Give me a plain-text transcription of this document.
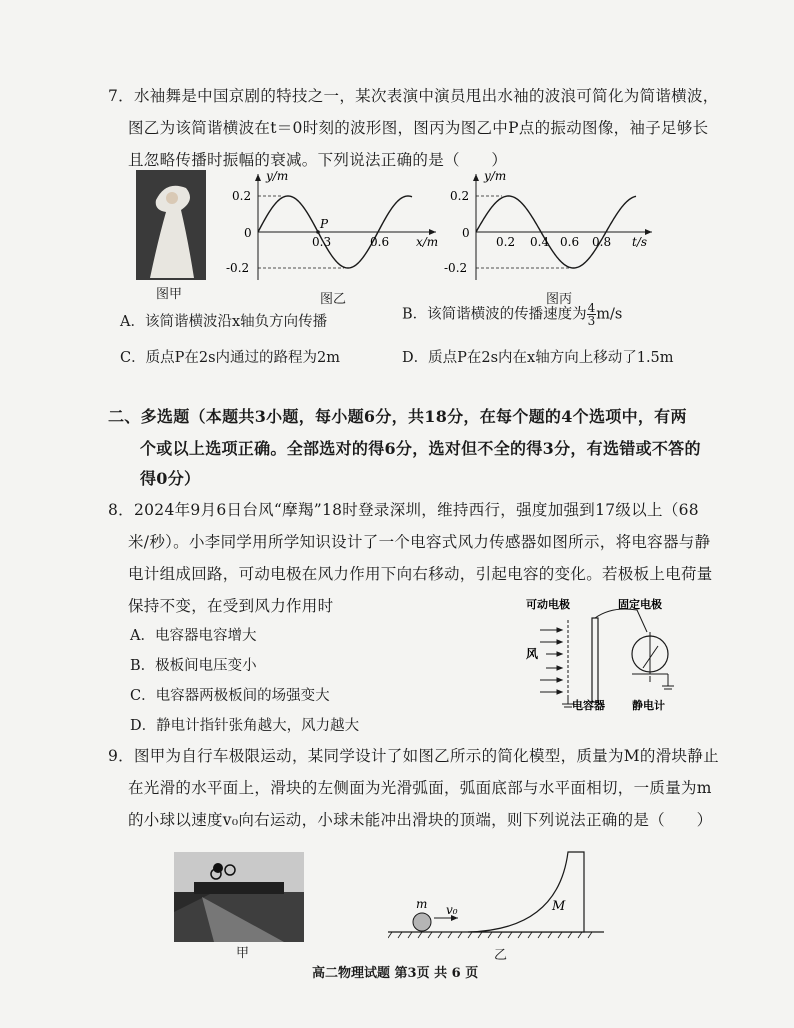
7．水袖舞是中国京剧的特技之一，某次表演中演员甩出水袖的波浪可简化为简谐横波，
图乙为该简谐横波在t＝0时刻的波形图，图丙为图乙中P点的振动图像，袖子足够长
且忽略传播时振幅的衰减。下列说法正确的是（　　）
图甲
y/m
0.2
0
-0.2
0.3	0.6 x/m
P
图乙
y/m
0.2
0
-0.2
0.2 0.4 0.6 0.8 t/s
图丙
A．该简谐横波沿x轴负方向传播	B．该简谐横波的传播速度为 $\frac{4}{3} m/s$
C．质点P在2s内通过的路程为2m	D．质点P在2s内在x轴方向上移动了1.5m
二、多选题（本题共3小题，每小题6分，共18分，在每个题的4个选项中，有两
个或以上选项正确。全部选对的得6分，选对但不全的得3分，有选错或不答的
得0分）
8．2024年9月6日台风“摩羯”18时登录深圳，维持西行，强度加强到17级以上（68
米/秒）。小李同学用所学知识设计了一个电容式风力传感器如图所示，将电容器与静
电计组成回路，可动电极在风力作用下向右移动，引起电容的变化。若极板上电荷量
保持不变，在受到风力作用时
A．电容器电容增大
B．极板间电压变小
C．电容器两极板间的场强变大
D．静电计指针张角越大，风力越大
可动电极	固定电极
风
电容器 静电计
9．图甲为自行车极限运动，某同学设计了如图乙所示的简化模型，质量为M的滑块静止
在光滑的水平面上，滑块的左侧面为光滑弧面，弧面底部与水平面相切，一质量为m
的小球以速度v₀向右运动，小球未能冲出滑块的顶端，则下列说法正确的是（　　）
甲
m v₀	M
乙
高二物理试题 第3页 共 6 页
